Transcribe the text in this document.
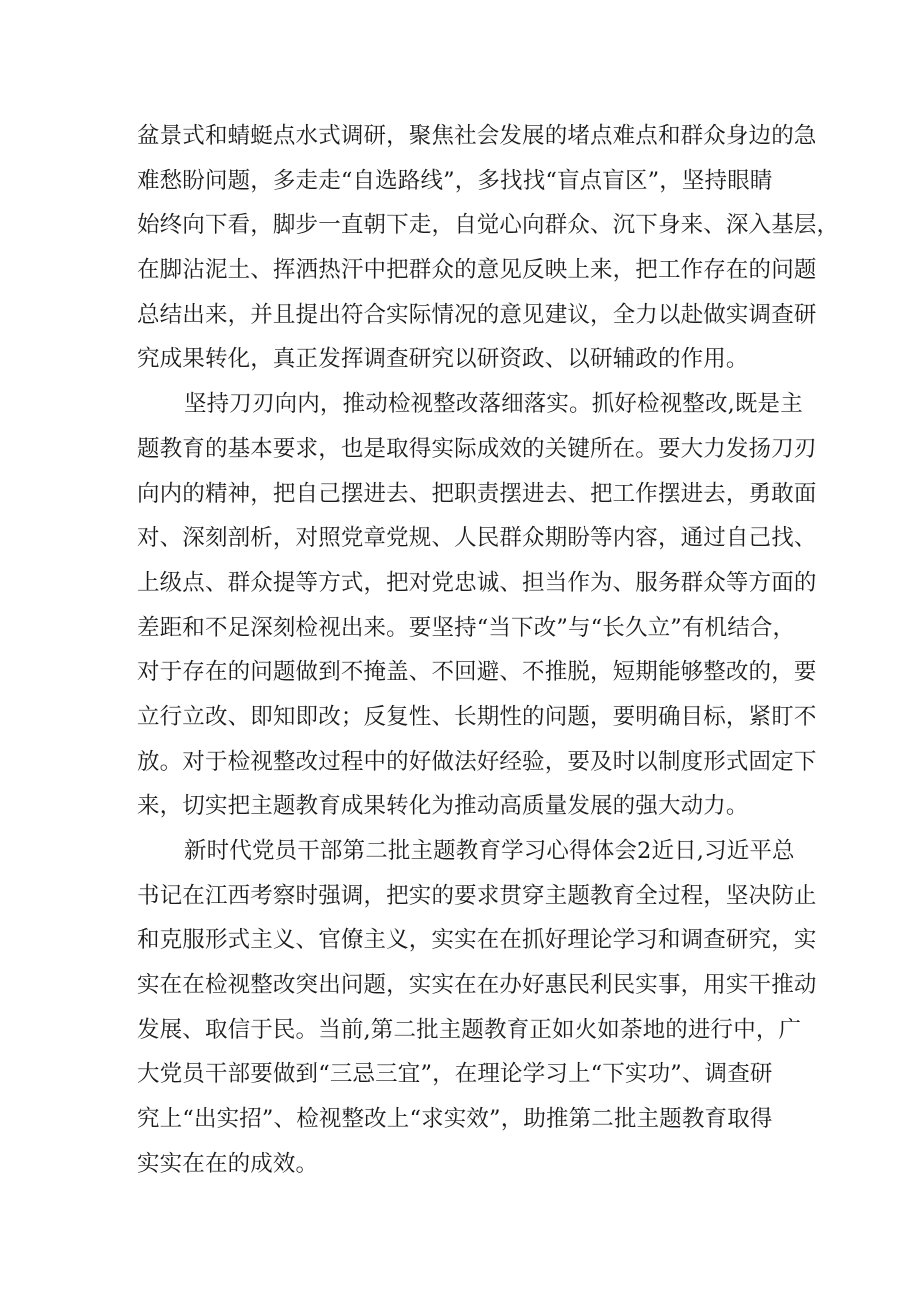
盆景式和蜻蜓点水式调研，聚焦社会发展的堵点难点和群众身边的急
难愁盼问题，多走走“自选路线”，多找找“盲点盲区”，坚持眼睛
始终向下看，脚步一直朝下走，自觉心向群众、沉下身来、深入基层，
在脚沾泥土、挥洒热汗中把群众的意见反映上来，把工作存在的问题
总结出来，并且提出符合实际情况的意见建议，全力以赴做实调查研
究成果转化，真正发挥调查研究以研资政、以研辅政的作用。
坚持刀刃向内，推动检视整改落细落实。抓好检视整改,既是主
题教育的基本要求，也是取得实际成效的关键所在。要大力发扬刀刃
向内的精神，把自己摆进去、把职责摆进去、把工作摆进去，勇敢面
对、深刻剖析，对照党章党规、人民群众期盼等内容，通过自己找、
上级点、群众提等方式，把对党忠诚、担当作为、服务群众等方面的
差距和不足深刻检视出来。要坚持“当下改”与“长久立”有机结合，
对于存在的问题做到不掩盖、不回避、不推脱，短期能够整改的，要
立行立改、即知即改；反复性、长期性的问题，要明确目标，紧盯不
放。对于检视整改过程中的好做法好经验，要及时以制度形式固定下
来，切实把主题教育成果转化为推动高质量发展的强大动力。
新时代党员干部第二批主题教育学习心得体会2近日,习近平总
书记在江西考察时强调，把实的要求贯穿主题教育全过程，坚决防止
和克服形式主义、官僚主义，实实在在抓好理论学习和调查研究，实
实在在检视整改突出问题，实实在在办好惠民利民实事，用实干推动
发展、取信于民。当前,第二批主题教育正如火如荼地的进行中，广
大党员干部要做到“三忌三宜”，在理论学习上“下实功”、调查研
究上“出实招”、检视整改上“求实效”，助推第二批主题教育取得
实实在在的成效。
